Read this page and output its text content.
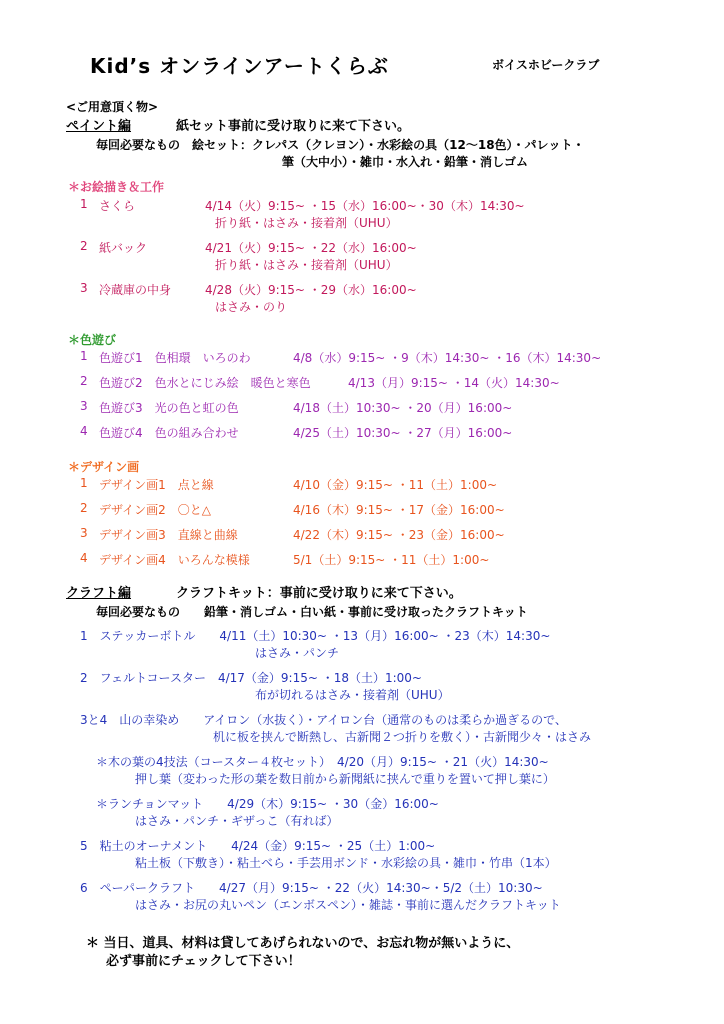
Kid’s オンラインアートくらぶ	ボイスホビークラブ
<ご用意頂く物>
ペイント編	紙セット事前に受け取りに来て下さい。
毎回必要なもの　絵セット：クレパス（クレヨン）・水彩絵の具（12〜18色）・パレット・
筆（大中小）・雑巾・水入れ・鉛筆・消しゴム
＊お絵描き＆工作
1 さくら	4/14（火）9:15~ ・15（水）16:00~・30（木）14:30~
折り紙・はさみ・接着剤（UHU）
2 紙バック	4/21（火）9:15~ ・22（水）16:00~
折り紙・はさみ・接着剤（UHU）
3 冷蔵庫の中身	4/28（火）9:15~ ・29（水）16:00~
はさみ・のり
＊色遊び
1 色遊び1　色相環　いろのわ	4/8（水）9:15~ ・9（木）14:30~ ・16（木）14:30~
2 色遊び2　色水とにじみ絵　暖色と寒色	4/13（月）9:15~ ・14（火）14:30~
3 色遊び3　光の色と虹の色	4/18（土）10:30~ ・20（月）16:00~
4 色遊び4　色の組み合わせ	4/25（土）10:30~ ・27（月）16:00~
＊デザイン画
1 デザイン画1　点と線	4/10（金）9:15~ ・11（土）1:00~
2 デザイン画2　〇と△	4/16（木）9:15~ ・17（金）16:00~
3 デザイン画3　直線と曲線	4/22（木）9:15~ ・23（金）16:00~
4 デザイン画4　いろんな模様	5/1（土）9:15~ ・11（土）1:00~
クラフト編	クラフトキット：事前に受け取りに来て下さい。
毎回必要なもの　　鉛筆・消しゴム・白い紙・事前に受け取ったクラフトキット
1　ステッカーボトル　　4/11（土）10:30~ ・13（月）16:00~ ・23（木）14:30~
はさみ・パンチ
2　フェルトコースター　4/17（金）9:15~ ・18（土）1:00~
布が切れるはさみ・接着剤（UHU）
3と4　山の幸染め　　アイロン（水抜く）・アイロン台（通常のものは柔らか過ぎるので、
机に板を挟んで断熱し、古新聞２つ折りを敷く）・古新聞少々・はさみ
＊木の葉の4技法（コースター４枚セット）　4/20（月）9:15~ ・21（火）14:30~
押し葉（変わった形の葉を数日前から新聞紙に挟んで重りを置いて押し葉に）
＊ランチョンマット　　4/29（木）9:15~ ・30（金）16:00~
はさみ・パンチ・ギザっこ（有れば）
5　粘土のオーナメント　　4/24（金）9:15~ ・25（土）1:00~
粘土板（下敷き）・粘土べら・手芸用ボンド・水彩絵の具・雑巾・竹串（1本）
6　ペーパークラフト　　4/27（月）9:15~ ・22（火）14:30~・5/2（土）10:30~
はさみ・お尻の丸いペン（エンボスペン）・雑誌・事前に選んだクラフトキット
＊ 当日、道具、材料は貸してあげられないので、お忘れ物が無いように、
必ず事前にチェックして下さい！
